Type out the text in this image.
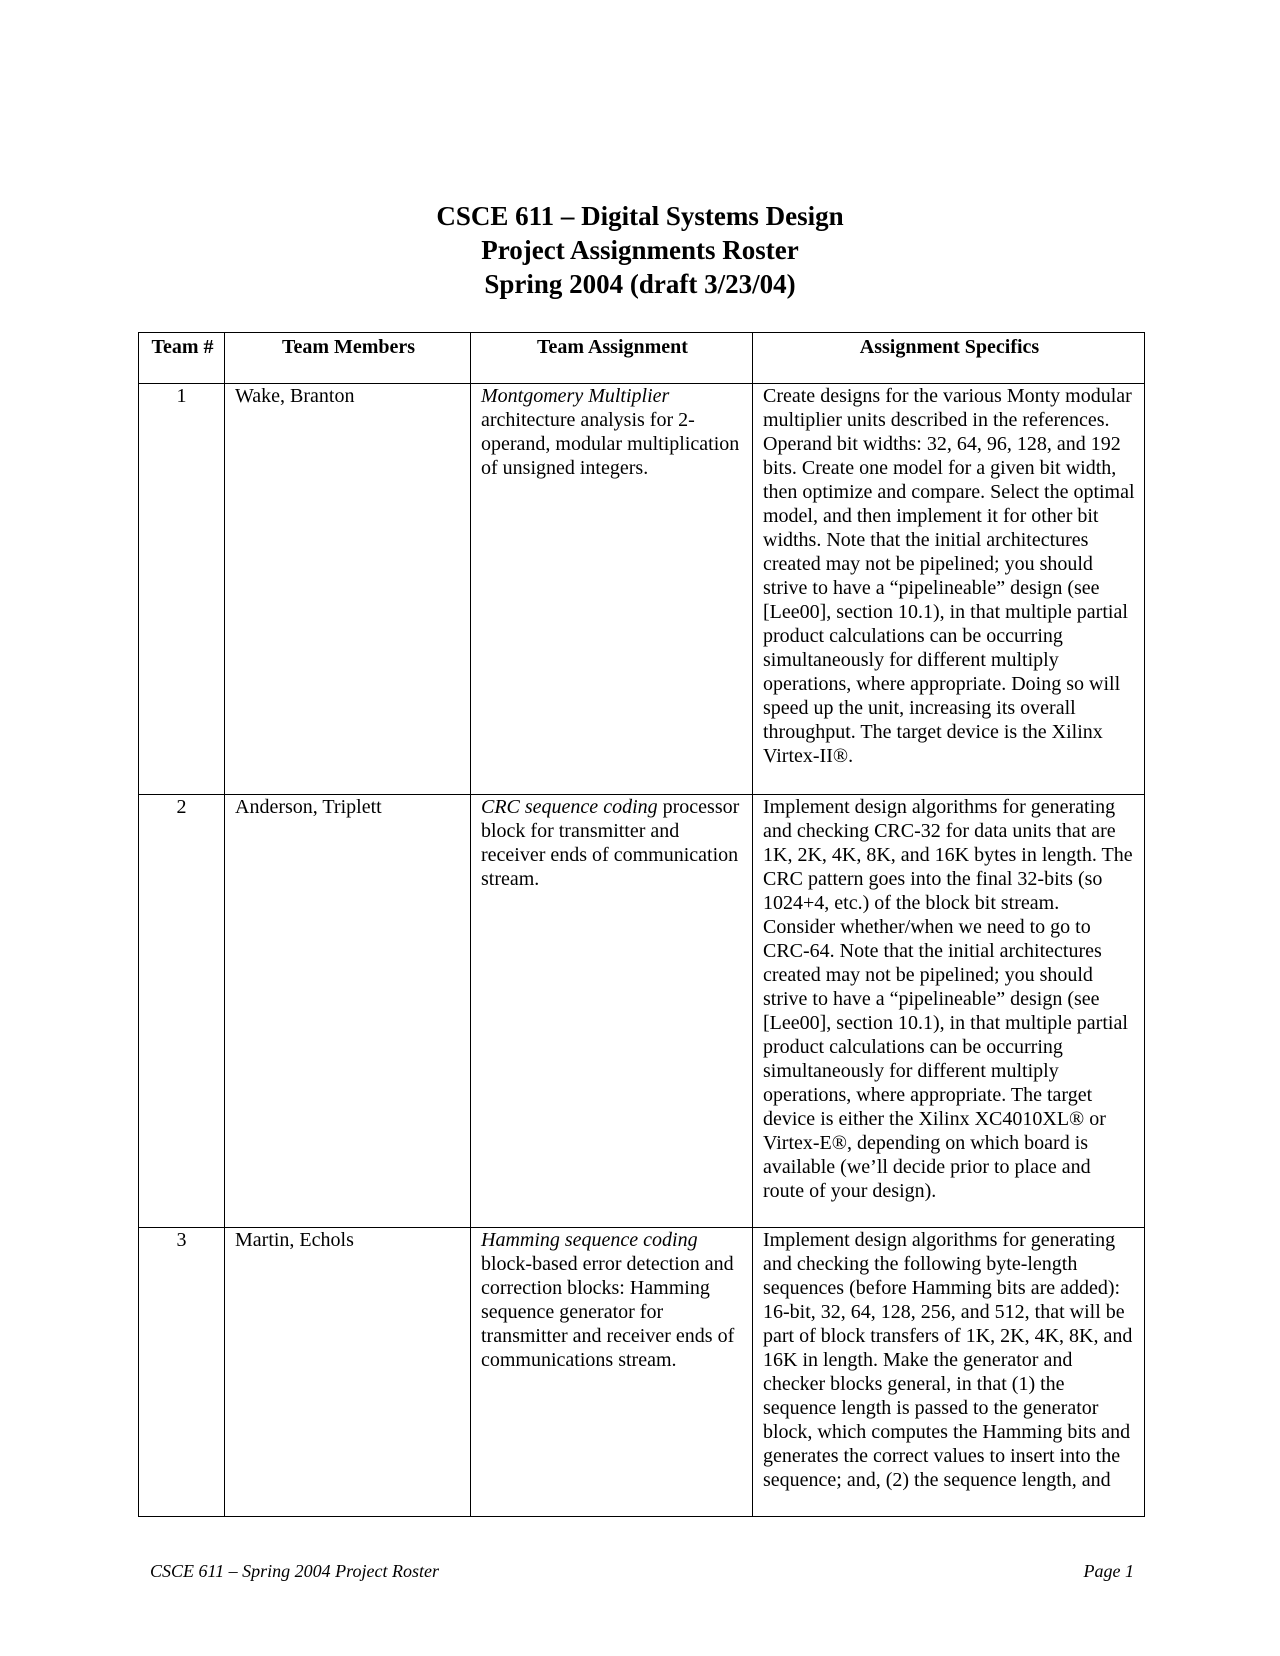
CSCE 611 – Digital Systems Design
Project Assignments Roster
Spring 2004 (draft 3/23/04)
Team #	Team Members	Team Assignment	Assignment Specifics
1	Wake, Branton	Montgomery Multiplier architecture analysis for 2-operand, modular multiplication of unsigned integers.	Create designs for the various Monty modular multiplier units described in the references. Operand bit widths: 32, 64, 96, 128, and 192 bits. Create one model for a given bit width, then optimize and compare. Select the optimal model, and then implement it for other bit widths. Note that the initial architectures created may not be pipelined; you should strive to have a “pipelineable” design (see [Lee00], section 10.1), in that multiple partial product calculations can be occurring simultaneously for different multiply operations, where appropriate. Doing so will speed up the unit, increasing its overall throughput. The target device is the Xilinx Virtex-II®.
2	Anderson, Triplett	CRC sequence coding processor block for transmitter and receiver ends of communication stream.	Implement design algorithms for generating and checking CRC-32 for data units that are 1K, 2K, 4K, 8K, and 16K bytes in length. The CRC pattern goes into the final 32-bits (so 1024+4, etc.) of the block bit stream. Consider whether/when we need to go to CRC-64. Note that the initial architectures created may not be pipelined; you should strive to have a “pipelineable” design (see [Lee00], section 10.1), in that multiple partial product calculations can be occurring simultaneously for different multiply operations, where appropriate. The target device is either the Xilinx XC4010XL® or Virtex-E®, depending on which board is available (we’ll decide prior to place and route of your design).
3	Martin, Echols	Hamming sequence coding block-based error detection and correction blocks: Hamming sequence generator for transmitter and receiver ends of communications stream.	Implement design algorithms for generating and checking the following byte-length sequences (before Hamming bits are added): 16-bit, 32, 64, 128, 256, and 512, that will be part of block transfers of 1K, 2K, 4K, 8K, and 16K in length. Make the generator and checker blocks general, in that (1) the sequence length is passed to the generator block, which computes the Hamming bits and generates the correct values to insert into the sequence; and, (2) the sequence length, and
CSCE 611 – Spring 2004 Project Roster	Page 1
